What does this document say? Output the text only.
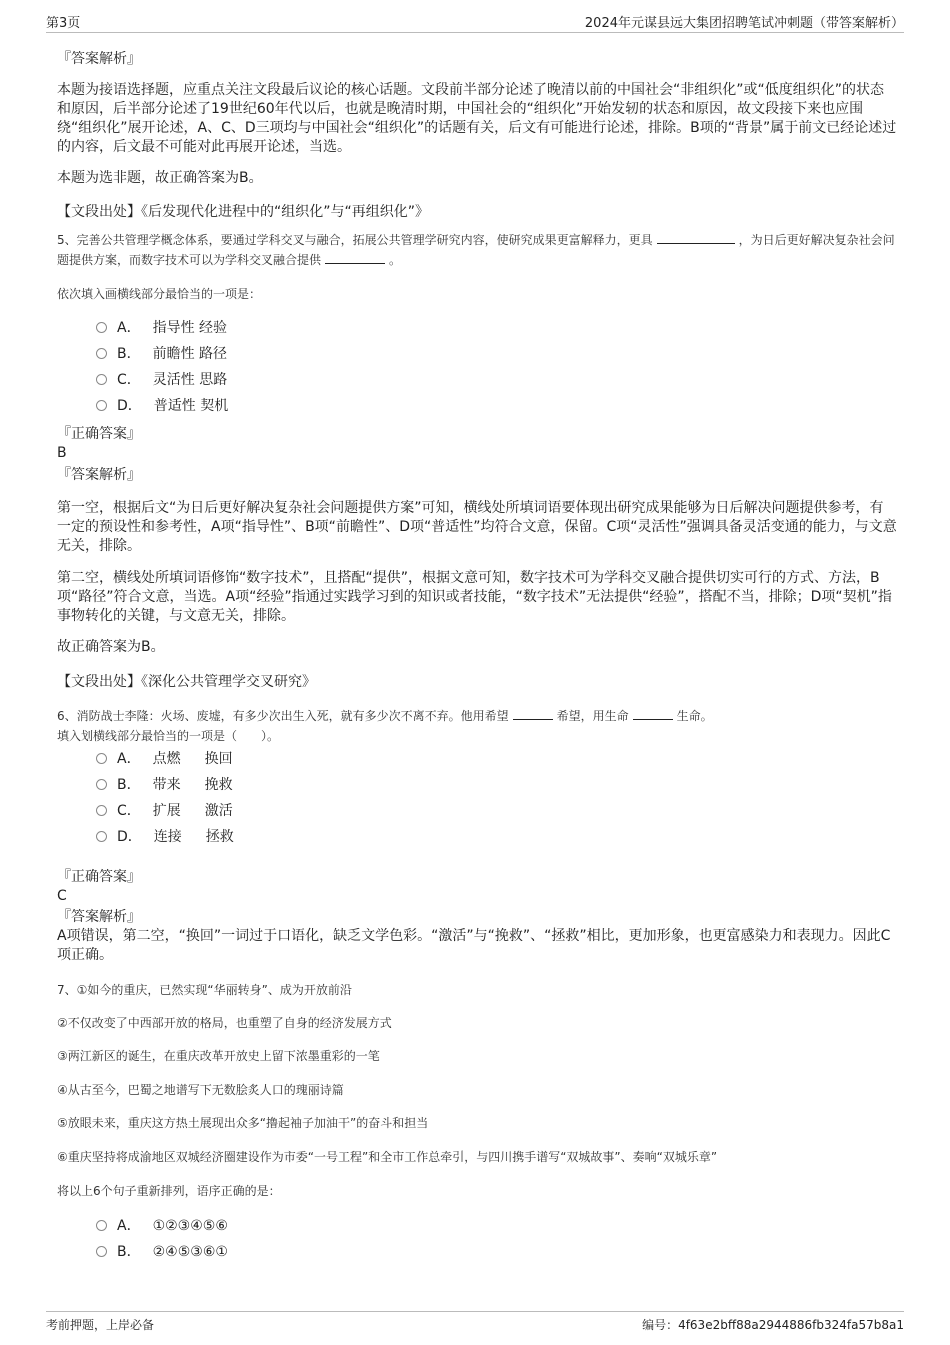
第3页	2024年元谋县远大集团招聘笔试冲刺题（带答案解析）
『答案解析』
本题为接语选择题，应重点关注文段最后议论的核心话题。文段前半部分论述了晚清以前的中国社会“非组织化”或“低度组织化”的状态和原因，后半部分论述了19世纪60年代以后，也就是晚清时期，中国社会的“组织化”开始发轫的状态和原因，故文段接下来也应围绕“组织化”展开论述，A、C、D三项均与中国社会“组织化”的话题有关，后文有可能进行论述，排除。B项的“背景”属于前文已经论述过的内容，后文最不可能对此再展开论述，当选。
本题为选非题，故正确答案为B。
【文段出处】《后发现代化进程中的“组织化”与“再组织化”》
5、完善公共管理学概念体系，要通过学科交叉与融合，拓展公共管理学研究内容，使研究成果更富解释力，更具	，为日后更好解决复杂社会问题提供方案，而数字技术可以为学科交叉融合提供	。
依次填入画横线部分最恰当的一项是：
A． 指导性 经验
B． 前瞻性 路径
C． 灵活性 思路
D． 普适性 契机
『正确答案』
B
『答案解析』
第一空，根据后文“为日后更好解决复杂社会问题提供方案”可知，横线处所填词语要体现出研究成果能够为日后解决问题提供参考，有一定的预设性和参考性，A项“指导性”、B项“前瞻性”、D项“普适性”均符合文意，保留。C项“灵活性”强调具备灵活变通的能力，与文意无关，排除。
第二空，横线处所填词语修饰“数字技术”，且搭配“提供”，根据文意可知，数字技术可为学科交叉融合提供切实可行的方式、方法，B项“路径”符合文意，当选。A项“经验”指通过实践学习到的知识或者技能，“数字技术”无法提供“经验”，搭配不当，排除；D项“契机”指事物转化的关键，与文意无关，排除。
故正确答案为B。
【文段出处】《深化公共管理学交叉研究》
6、消防战士李隆：火场、废墟，有多少次出生入死，就有多少次不离不弃。他用希望	希望，用生命	生命。
填入划横线部分最恰当的一项是（　　）。
A． 点燃 换回
B． 带来 挽救
C． 扩展 激活
D． 连接 拯救
『正确答案』
C
『答案解析』
A项错误，第二空，“换回”一词过于口语化，缺乏文学色彩。“激活”与“挽救”、“拯救”相比，更加形象，也更富感染力和表现力。因此C项正确。
7、①如今的重庆，已然实现“华丽转身”、成为开放前沿
②不仅改变了中西部开放的格局，也重塑了自身的经济发展方式
③两江新区的诞生，在重庆改革开放史上留下浓墨重彩的一笔
④从古至今，巴蜀之地谱写下无数脍炙人口的瑰丽诗篇
⑤放眼未来，重庆这方热土展现出众多“撸起袖子加油干”的奋斗和担当
⑥重庆坚持将成渝地区双城经济圈建设作为市委“一号工程”和全市工作总牵引，与四川携手谱写“双城故事”、奏响“双城乐章”
将以上6个句子重新排列，语序正确的是：
A． ①②③④⑤⑥
B． ②④⑤③⑥①
考前押题，上岸必备	编号：4f63e2bff88a2944886fb324fa57b8a1
